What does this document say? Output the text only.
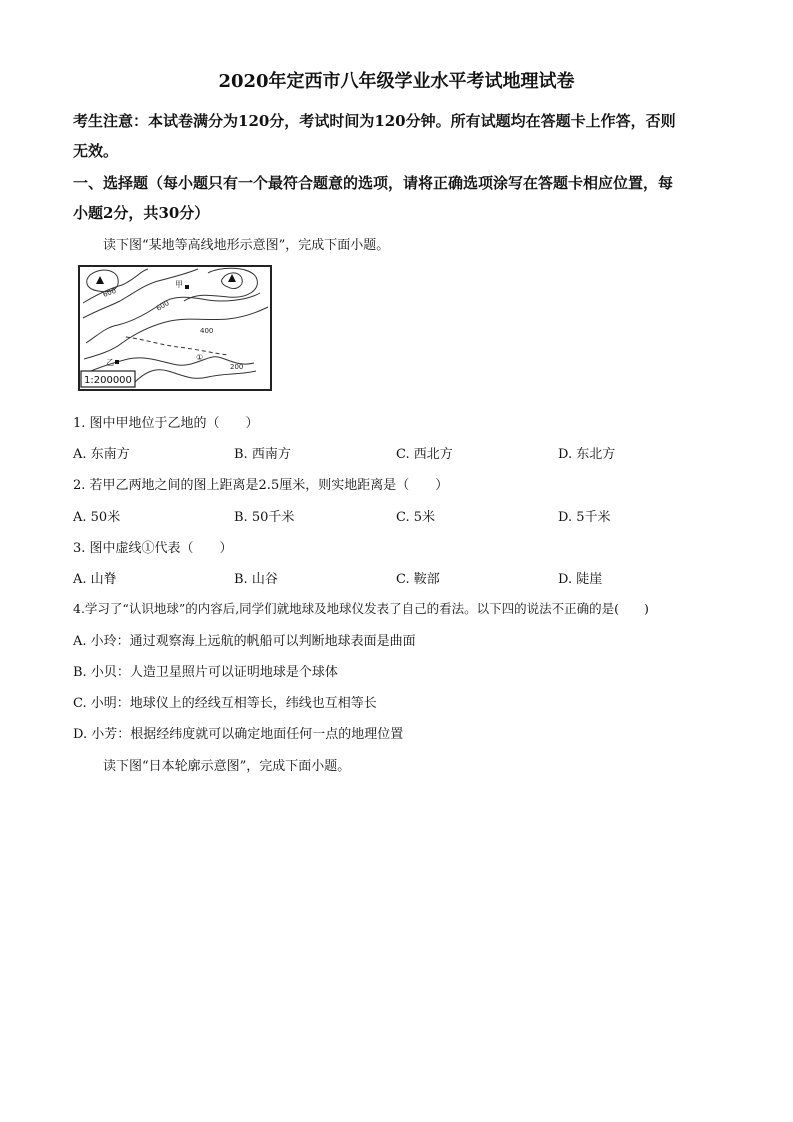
2020年定西市八年级学业水平考试地理试卷
考生注意：本试卷满分为120分，考试时间为120分钟。所有试题均在答题卡上作答，否则
无效。
一、选择题（每小题只有一个最符合题意的选项，请将正确选项涂写在答题卡相应位置，每
小题2分，共30分）
读下图“某地等高线地形示意图”，完成下面小题。
甲
乙
600
600
400
200
①
1:200000
1. 图中甲地位于乙地的（　　）
A. 东南方	B. 西南方	C. 西北方	D. 东北方
2. 若甲乙两地之间的图上距离是2.5厘米，则实地距离是（　　）
A. 50米	B. 50千米	C. 5米	D. 5千米
3. 图中虚线①代表（　　）
A. 山脊	B. 山谷	C. 鞍部	D. 陡崖
4.学习了“认识地球”的内容后,同学们就地球及地球仪发表了自己的看法。以下四的说法不正确的是(　　)
A. 小玲：通过观察海上远航的帆船可以判断地球表面是曲面
B. 小贝：人造卫星照片可以证明地球是个球体
C. 小明：地球仪上的经线互相等长，纬线也互相等长
D. 小芳：根据经纬度就可以确定地面任何一点的地理位置
读下图“日本轮廓示意图”，完成下面小题。
